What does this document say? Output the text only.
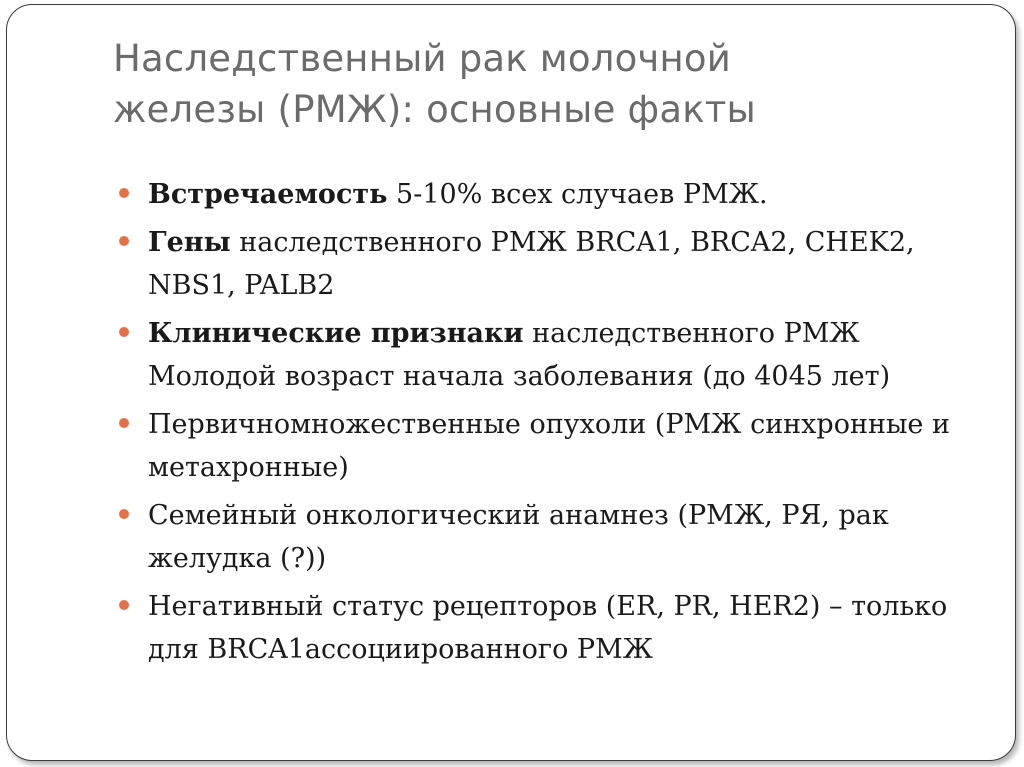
Наследственный рак молочной
железы (РМЖ): основные факты
Встречаемость 5-10% всех случаев РМЖ.
Гены наследственного РМЖ BRCA1, BRCA2, CHEK2, NBS1, PALB2
Клинические признаки наследственного РМЖ Молодой возраст начала заболевания (до 4045 лет)
Первичномножественные опухоли (РМЖ синхронные и метахронные)
Семейный онкологический анамнез (РМЖ, РЯ, рак желудка (?))
Негативный статус рецепторов (ER, PR, HER2) – только для BRCA1ассоциированного РМЖ
